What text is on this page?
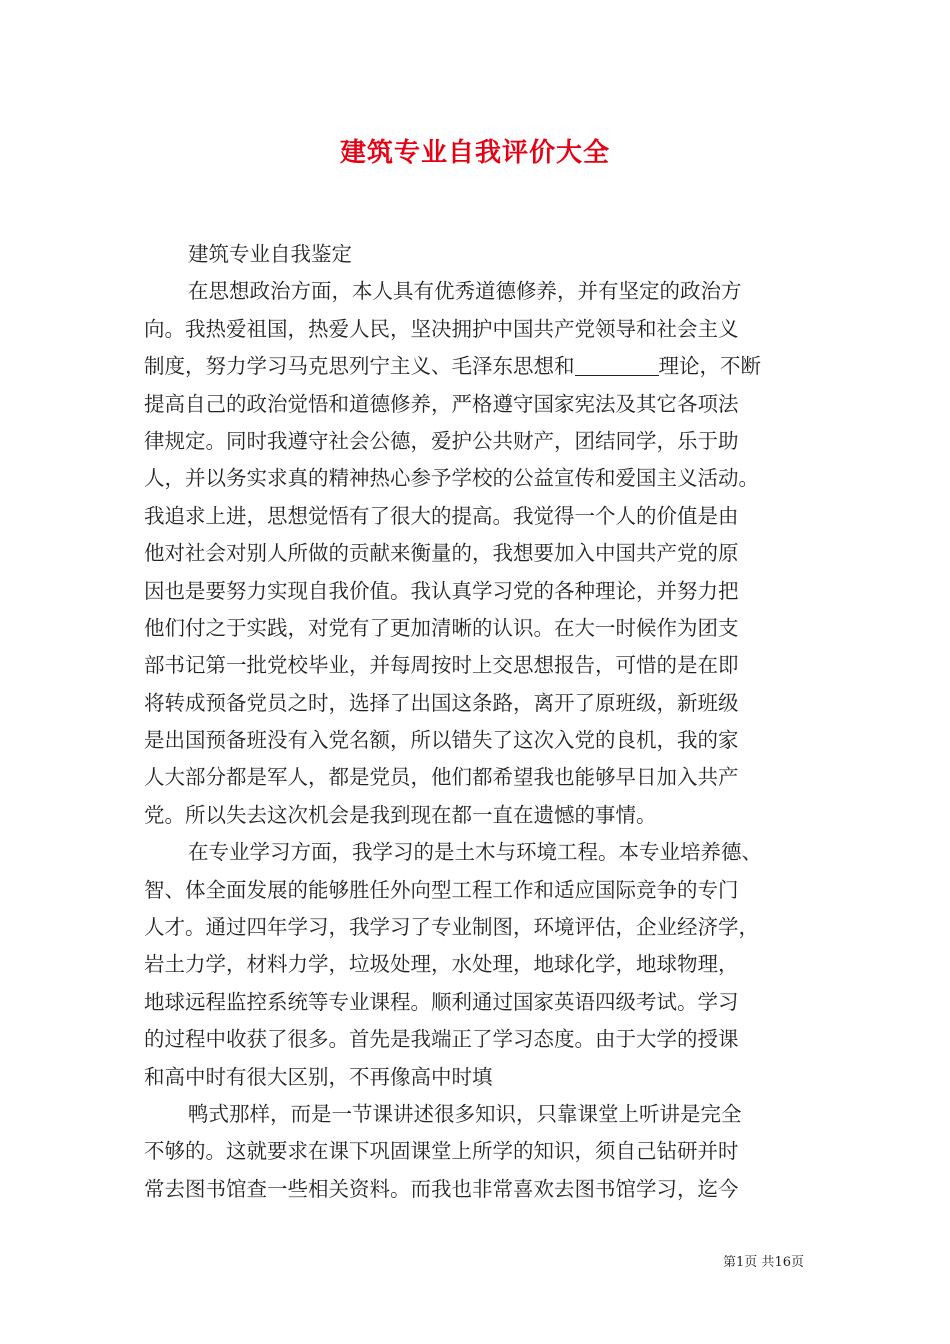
建筑专业自我评价大全
建筑专业自我鉴定
在思想政治方面，本人具有优秀道德修养，并有坚定的政治方
向。我热爱祖国，热爱人民，坚决拥护中国共产党领导和社会主义
制度，努力学习马克思列宁主义、毛泽东思想和	理论，不断
提高自己的政治觉悟和道德修养，严格遵守国家宪法及其它各项法
律规定。同时我遵守社会公德，爱护公共财产，团结同学，乐于助
人，并以务实求真的精神热心参予学校的公益宣传和爱国主义活动。
我追求上进，思想觉悟有了很大的提高。我觉得一个人的价值是由
他对社会对别人所做的贡献来衡量的，我想要加入中国共产党的原
因也是要努力实现自我价值。我认真学习党的各种理论，并努力把
他们付之于实践，对党有了更加清晰的认识。在大一时候作为团支
部书记第一批党校毕业，并每周按时上交思想报告，可惜的是在即
将转成预备党员之时，选择了出国这条路，离开了原班级，新班级
是出国预备班没有入党名额，所以错失了这次入党的良机，我的家
人大部分都是军人，都是党员，他们都希望我也能够早日加入共产
党。所以失去这次机会是我到现在都一直在遗憾的事情。
在专业学习方面，我学习的是土木与环境工程。本专业培养德、
智、体全面发展的能够胜任外向型工程工作和适应国际竞争的专门
人才。通过四年学习，我学习了专业制图，环境评估，企业经济学，
岩土力学，材料力学，垃圾处理，水处理，地球化学，地球物理，
地球远程监控系统等专业课程。顺利通过国家英语四级考试。学习
的过程中收获了很多。首先是我端正了学习态度。由于大学的授课
和高中时有很大区别，不再像高中时填
鸭式那样，而是一节课讲述很多知识，只靠课堂上听讲是完全
不够的。这就要求在课下巩固课堂上所学的知识，须自己钻研并时
常去图书馆查一些相关资料。而我也非常喜欢去图书馆学习，迄今
第1页 共16页
